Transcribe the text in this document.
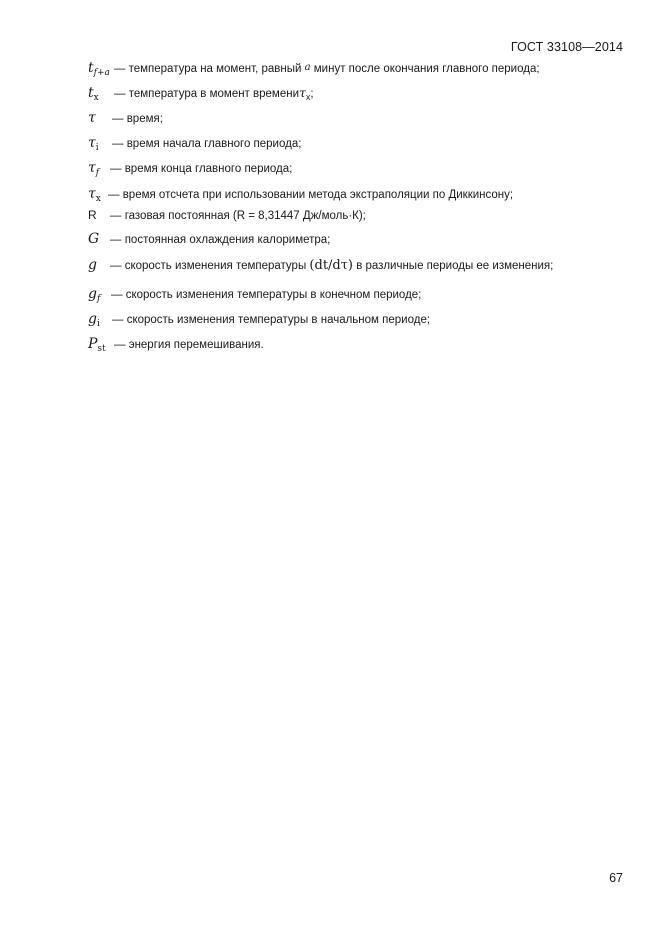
ГОСТ 33108—2014
$t_{f+a}$ — температура на момент, равный a минут после окончания главного периода;
$t_x$	— температура в момент времениτ$_x$;
τ	— время;
$\tau_i$	— время начала главного периода;
$\tau_f$ — время конца главного периода;
$\tau_x$ — время отсчета при использовании метода экстраполяции по Диккинсону;
R	— газовая постоянная (R = 8,31447 Дж/моль·К);
G — постоянная охлаждения калориметра;
g	— скорость изменения температуры (dt/dτ) в различные периоды ее изменения;
$g_f$ — скорость изменения температуры в конечном периоде;
$g_i$	— скорость изменения температуры в начальном периоде;
$P_{st}$ — энергия перемешивания.
67
